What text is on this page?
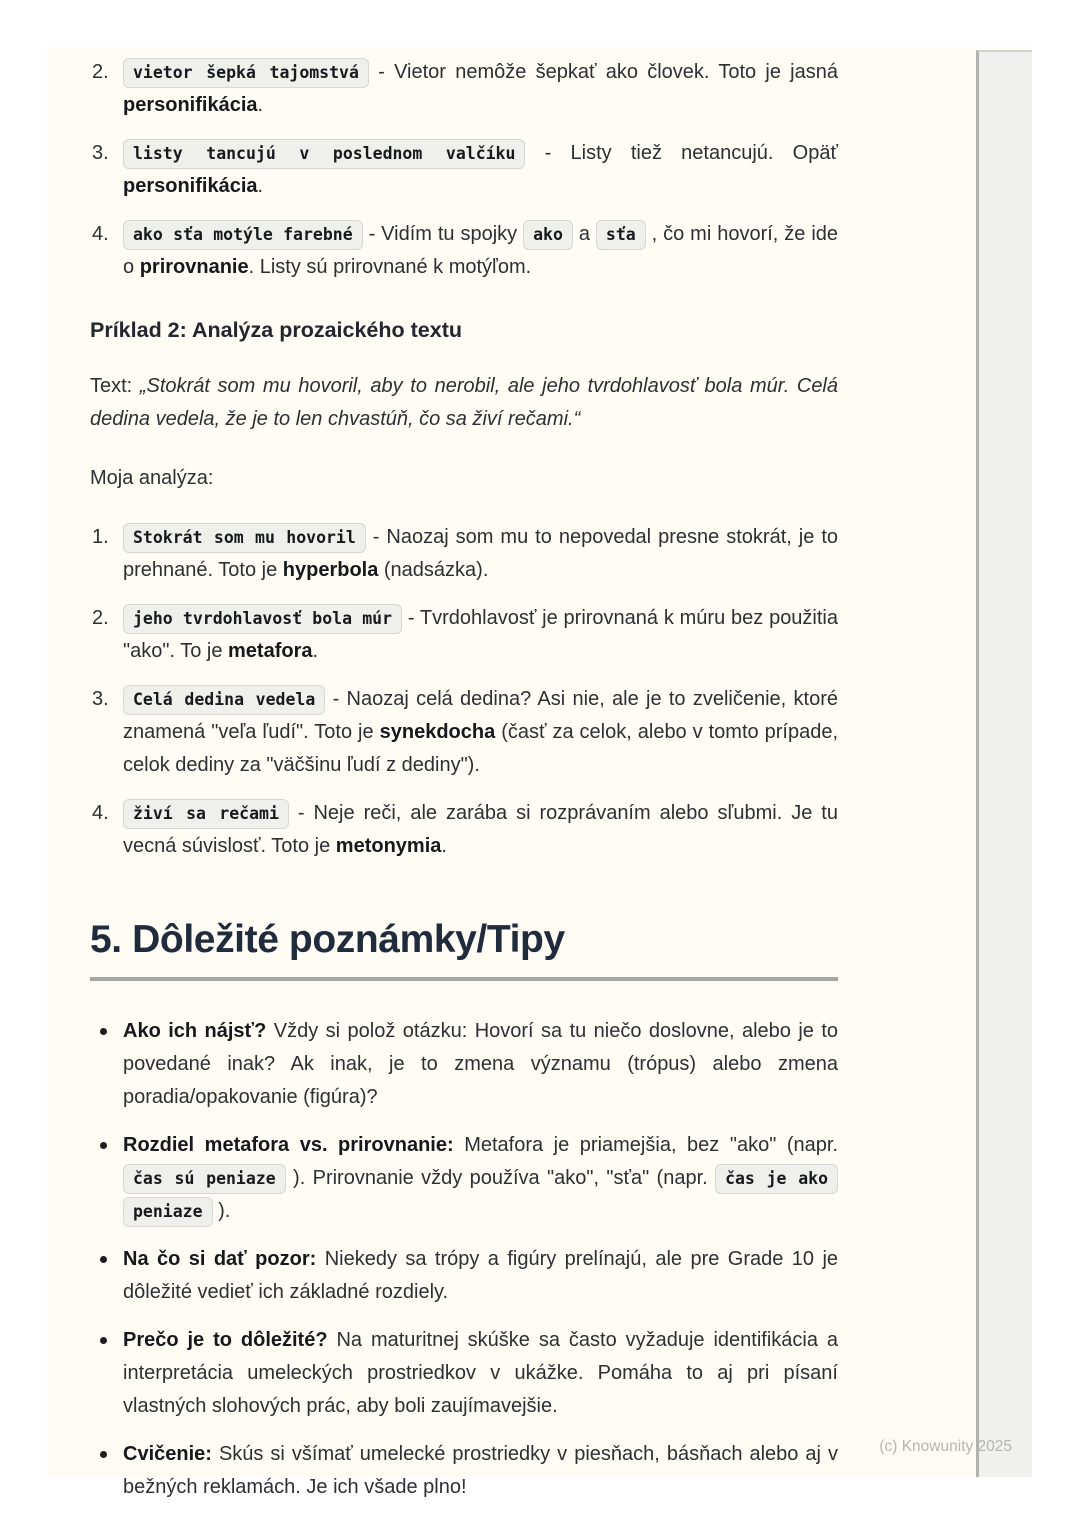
2. vietor šepká tajomstvá - Vietor nemôže šepkať ako človek. Toto je jasná personifikácia.
3. listy tancujú v poslednom valčíku - Listy tiež netancujú. Opäť personifikácia.
4. ako sťa motýle farebné - Vidím tu spojky ako a sťa , čo mi hovorí, že ide o prirovnanie. Listy sú prirovnané k motýľom.
Príklad 2: Analýza prozaického textu

Text: „Stokrát som mu hovoril, aby to nerobil, ale jeho tvrdohlavosť bola múr. Celá dedina vedela, že je to len chvastúň, čo sa živí rečami.“

Moja analýza:

1. Stokrát som mu hovoril - Naozaj som mu to nepovedal presne stokrát, je to prehnané. Toto je hyperbola (nadsázka).
2. jeho tvrdohlavosť bola múr - Tvrdohlavosť je prirovnaná k múru bez použitia "ako". To je metafora.
3. Celá dedina vedela - Naozaj celá dedina? Asi nie, ale je to zveličenie, ktoré znamená "veľa ľudí". Toto je synekdocha (časť za celok, alebo v tomto prípade, celok dediny za "väčšinu ľudí z dediny").
4. živí sa rečami - Neje reči, ale zarába si rozprávaním alebo sľubmi. Je tu vecná súvislosť. Toto je metonymia.
5. Dôležité poznámky/Tipy
Ako ich nájsť? Vždy si polož otázku: Hovorí sa tu niečo doslovne, alebo je to povedané inak? Ak inak, je to zmena významu (trópus) alebo zmena poradia/opakovanie (figúra)?
Rozdiel metafora vs. prirovnanie: Metafora je priamejšia, bez "ako" (napr. čas sú peniaze ). Prirovnanie vždy používa "ako", "sťa" (napr. čas je ako peniaze ).
Na čo si dať pozor: Niekedy sa trópy a figúry prelínajú, ale pre Grade 10 je dôležité vedieť ich základné rozdiely.
Prečo je to dôležité? Na maturitnej skúške sa často vyžaduje identifikácia a interpretácia umeleckých prostriedkov v ukážke. Pomáha to aj pri písaní vlastných slohových prác, aby boli zaujímavejšie.
Cvičenie: Skús si všímať umelecké prostriedky v piesňach, básňach alebo aj v bežných reklamách. Je ich všade plno!
(c) Knowunity 2025
